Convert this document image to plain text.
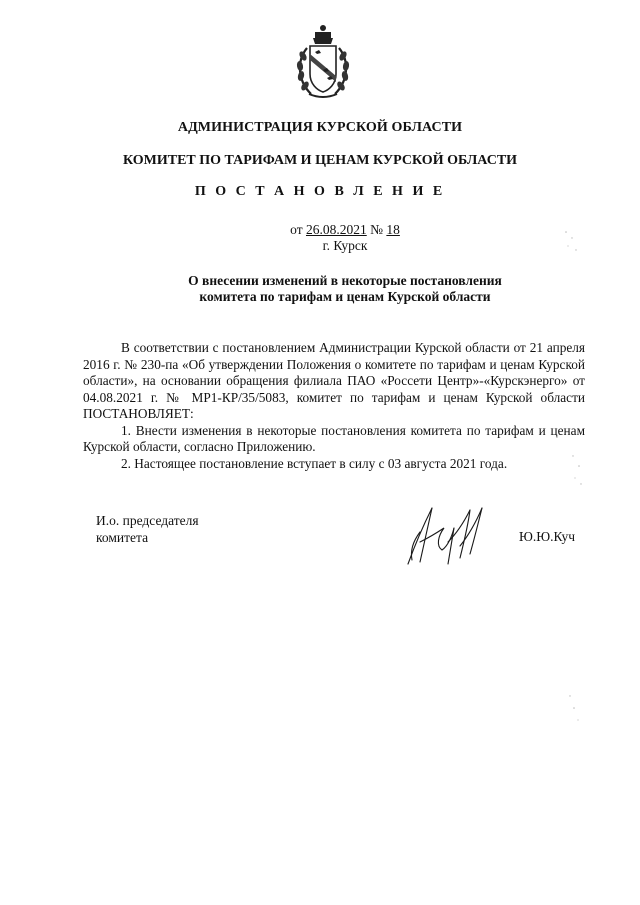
АДМИНИСТРАЦИЯ КУРСКОЙ ОБЛАСТИ
КОМИТЕТ ПО ТАРИФАМ И ЦЕНАМ КУРСКОЙ ОБЛАСТИ
П О С Т А Н О В Л Е Н И Е
от 26.08.2021 № 18
г. Курск
О внесении изменений в некоторые постановления
комитета по тарифам и ценам Курской области

В соответствии с постановлением Администрации Курской области от 21 апреля 2016 г. № 230-па «Об утверждении Положения о комитете по тарифам и ценам Курской области», на основании обращения филиала ПАО «Россети Центр»-«Курскэнерго» от 04.08.2021 г. № МР1-КР/35/5083, комитет по тарифам и ценам Курской области ПОСТАНОВЛЯЕТ:

1. Внести изменения в некоторые постановления комитета по тарифам и ценам Курской области, согласно Приложению.

2. Настоящее постановление вступает в силу с 03 августа 2021 года.

И.о. председателя
комитета	Ю.Ю.Куч
